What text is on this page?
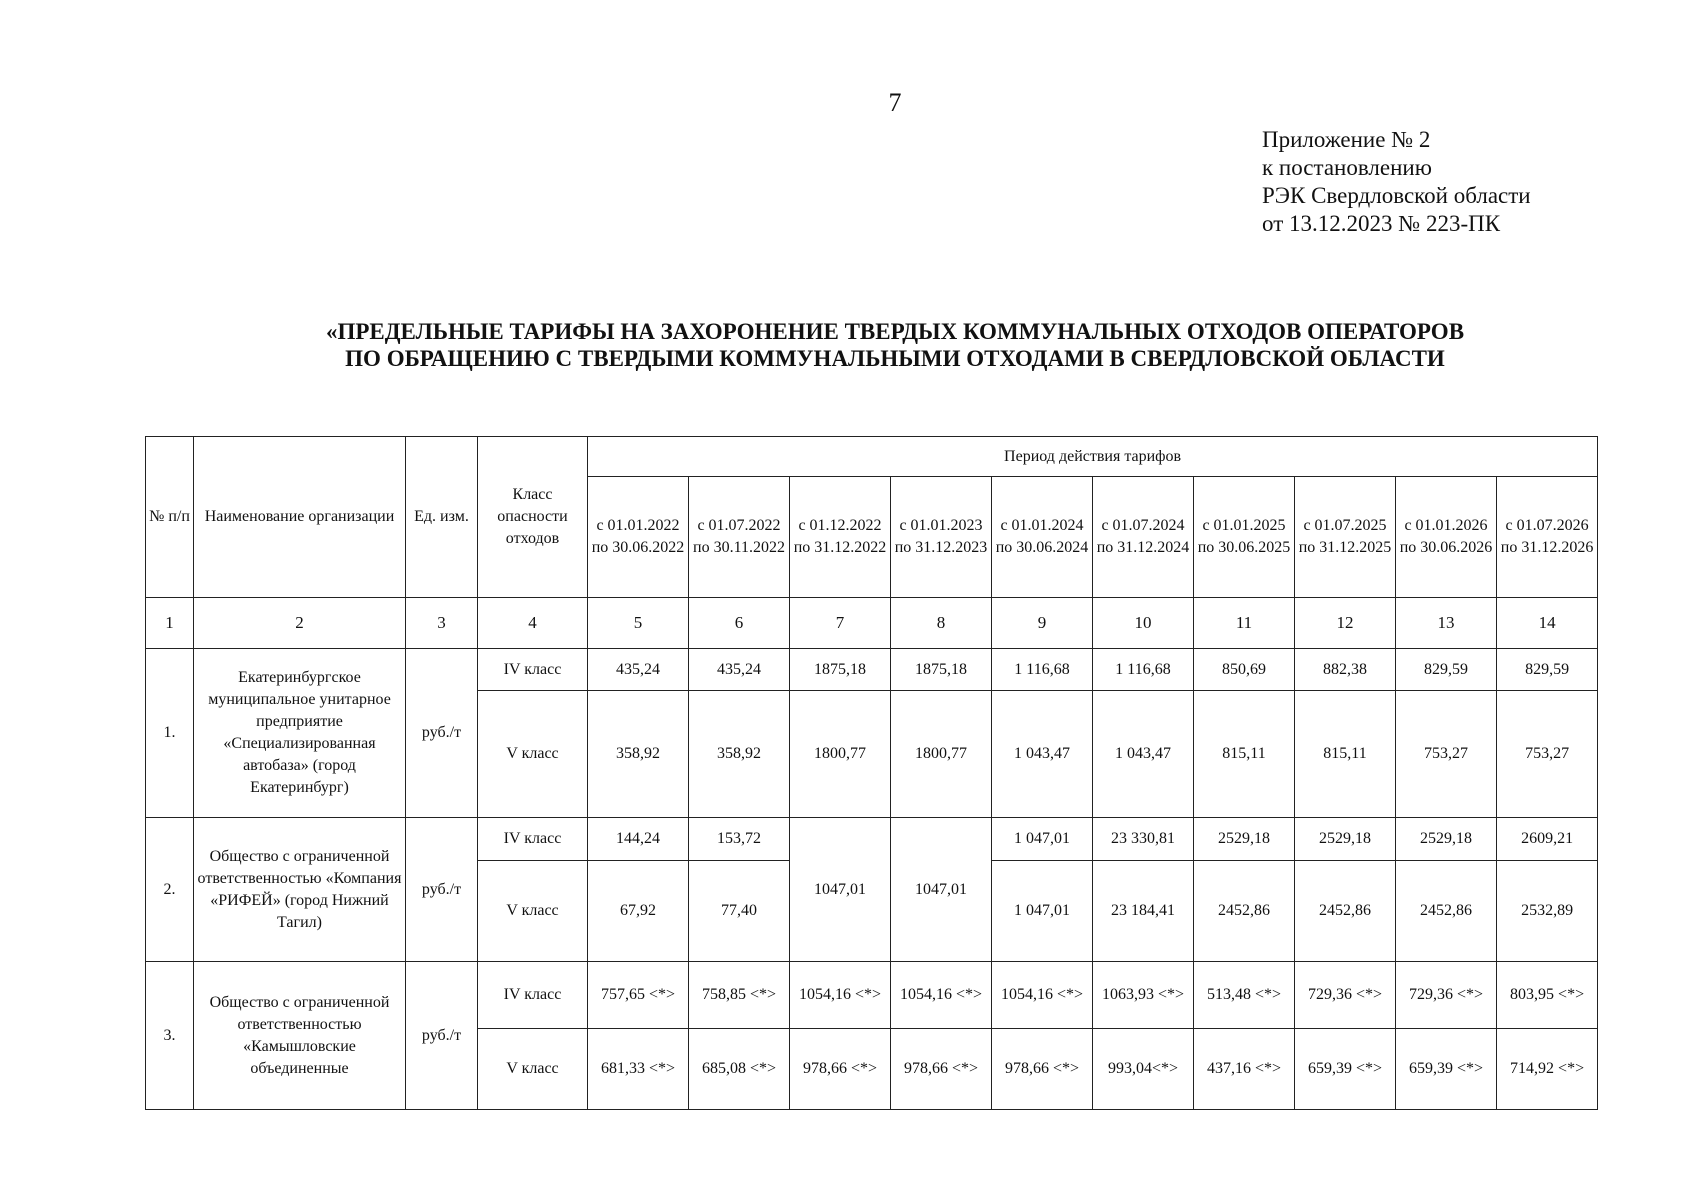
7
Приложение № 2
к постановлению
РЭК Свердловской области
от 13.12.2023 № 223-ПК
«ПРЕДЕЛЬНЫЕ ТАРИФЫ НА ЗАХОРОНЕНИЕ ТВЕРДЫХ КОММУНАЛЬНЫХ ОТХОДОВ ОПЕРАТОРОВ
ПО ОБРАЩЕНИЮ С ТВЕРДЫМИ КОММУНАЛЬНЫМИ ОТХОДАМИ В СВЕРДЛОВСКОЙ ОБЛАСТИ
№ п/п	Наименование организации	Ед. изм.	Класс опасности отходов	Период действия тарифов									
				с 01.01.2022 по 30.06.2022	с 01.07.2022 по 30.11.2022	с 01.12.2022 по 31.12.2022	с 01.01.2023 по 31.12.2023	с 01.01.2024 по 30.06.2024	с 01.07.2024 по 31.12.2024	с 01.01.2025 по 30.06.2025	с 01.07.2025 по 31.12.2025	с 01.01.2026 по 30.06.2026	с 01.07.2026 по 31.12.2026
1	2	3	4	5	6	7	8	9	10	11	12	13	14
1.	Екатеринбургское муниципальное унитарное предприятие «Специализированная автобаза» (город Екатеринбург)	руб./т	IV класс	435,24	435,24	1875,18	1875,18	1 116,68	1 116,68	850,69	882,38	829,59	829,59
			V класс	358,92	358,92	1800,77	1800,77	1 043,47	1 043,47	815,11	815,11	753,27	753,27
2.	Общество с ограниченной ответственностью «Компания «РИФЕЙ» (город Нижний Тагил)	руб./т	IV класс	144,24	153,72	1047,01	1047,01	1 047,01	23 330,81	2529,18	2529,18	2529,18	2609,21
			V класс	67,92	77,40			1 047,01	23 184,41	2452,86	2452,86	2452,86	2532,89
3.	Общество с ограниченной ответственностью «Камышловские объединенные	руб./т	IV класс	757,65 <*>	758,85 <*>	1054,16 <*>	1054,16 <*>	1054,16 <*>	1063,93 <*>	513,48 <*>	729,36 <*>	729,36 <*>	803,95 <*>
			V класс	681,33 <*>	685,08 <*>	978,66 <*>	978,66 <*>	978,66 <*>	993,04<*>	437,16 <*>	659,39 <*>	659,39 <*>	714,92 <*>
